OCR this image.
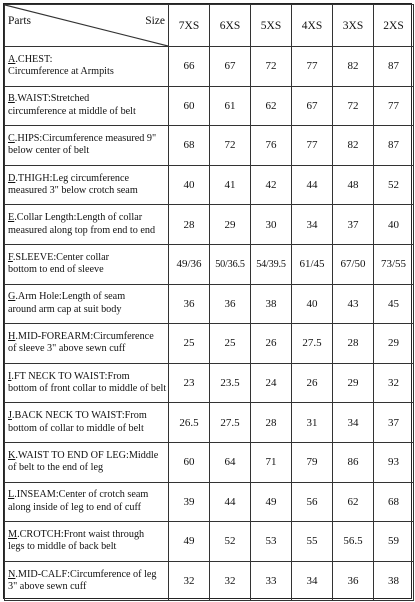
Parts Size	7XS	6XS	5XS	4XS	3XS	2XS
A.CHEST:
Circumference at Armpits	66	67	72	77	82	87
B.WAIST:Stretched
circumference at middle of belt	60	61	62	67	72	77
C.HIPS:Circumference measured 9"
below center of belt	68	72	76	77	82	87
D.THIGH:Leg circumference
measured 3" below crotch seam	40	41	42	44	48	52
E.Collar Length:Length of collar
measured along top from end to end	28	29	30	34	37	40
F.SLEEVE:Center collar
bottom to end of sleeve	49/36	50/36.5	54/39.5	61/45	67/50	73/55
G.Arm Hole:Length of seam
around arm cap at suit body	36	36	38	40	43	45
H.MID-FOREARM:Circumference
of sleeve 3" above sewn cuff	25	25	26	27.5	28	29
I.FT NECK TO WAIST:From
bottom of front collar to middle of belt	23	23.5	24	26	29	32
J.BACK NECK TO WAIST:From
bottom of collar to middle of belt	26.5	27.5	28	31	34	37
K.WAIST TO END OF LEG:Middle
of belt to the end of leg	60	64	71	79	86	93
L.INSEAM:Center of crotch seam
along inside of leg to end of cuff	39	44	49	56	62	68
M.CROTCH:Front waist through
legs to middle of back belt	49	52	53	55	56.5	59
N.MID-CALF:Circumference of leg
3" above sewn cuff	32	32	33	34	36	38
